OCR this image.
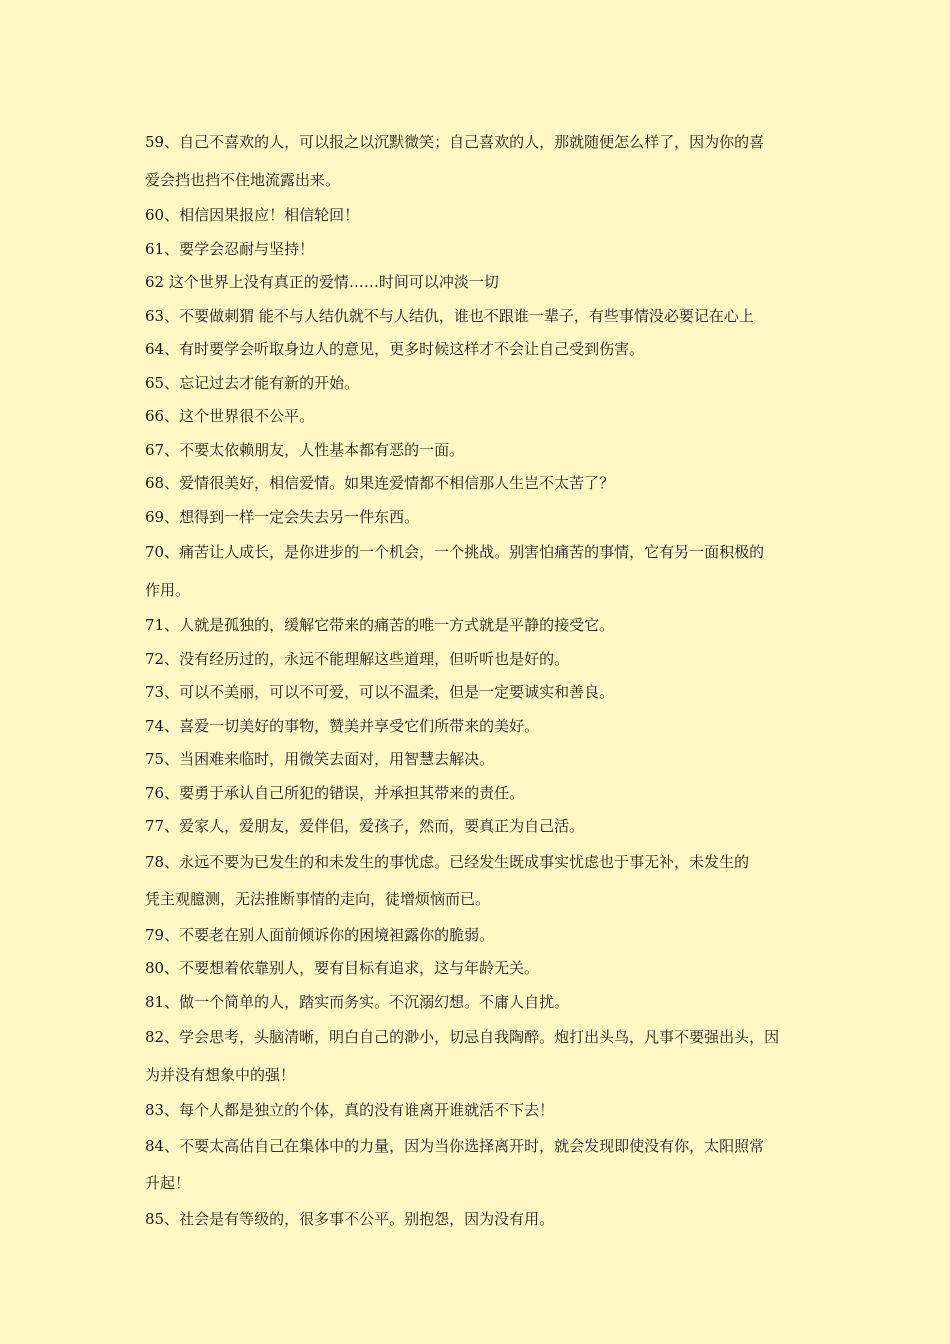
59、自己不喜欢的人，可以报之以沉默微笑；自己喜欢的人，那就随便怎么样了，因为你的喜
爱会挡也挡不住地流露出来。

60、相信因果报应！相信轮回！

61、要学会忍耐与坚持！

62 这个世界上没有真正的爱情……时间可以冲淡一切

63、不要做刺猬 能不与人结仇就不与人结仇，谁也不跟谁一辈子，有些事情没必要记在心上

64、有时要学会听取身边人的意见，更多时候这样才不会让自己受到伤害。

65、忘记过去才能有新的开始。

66、这个世界很不公平。

67、不要太依赖朋友，人性基本都有恶的一面。

68、爱情很美好，相信爱情。如果连爱情都不相信那人生岂不太苦了？

69、想得到一样一定会失去另一件东西。

70、痛苦让人成长，是你进步的一个机会，一个挑战。别害怕痛苦的事情，它有另一面积极的
作用。

71、人就是孤独的，缓解它带来的痛苦的唯一方式就是平静的接受它。

72、没有经历过的，永远不能理解这些道理，但听听也是好的。

73、可以不美丽，可以不可爱，可以不温柔，但是一定要诚实和善良。

74、喜爱一切美好的事物，赞美并享受它们所带来的美好。

75、当困难来临时，用微笑去面对，用智慧去解决。

76、要勇于承认自己所犯的错误，并承担其带来的责任。

77、爱家人，爱朋友，爱伴侣，爱孩子，然而，要真正为自己活。

78、永远不要为已发生的和未发生的事忧虑。已经发生既成事实忧虑也于事无补，未发生的
凭主观臆测，无法推断事情的走向，徒增烦恼而已。

79、不要老在别人面前倾诉你的困境袒露你的脆弱。

80、不要想着依靠别人，要有目标有追求，这与年龄无关。

81、做一个简单的人，踏实而务实。不沉溺幻想。不庸人自扰。

82、学会思考，头脑清晰，明白自己的渺小，切忌自我陶醉。炮打出头鸟，凡事不要强出头，因
为并没有想象中的强！

83、每个人都是独立的个体，真的没有谁离开谁就活不下去！

84、不要太高估自己在集体中的力量，因为当你选择离开时，就会发现即使没有你，太阳照常
升起！

85、社会是有等级的，很多事不公平。别抱怨，因为没有用。
